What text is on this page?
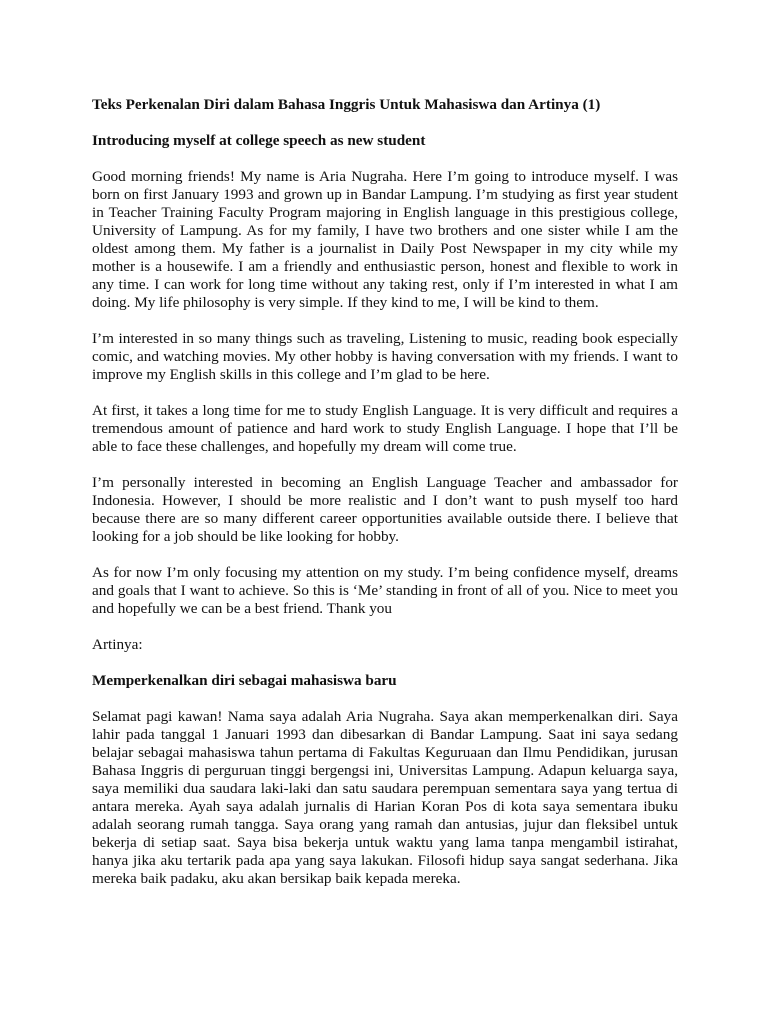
Teks Perkenalan Diri dalam Bahasa Inggris Untuk Mahasiswa dan Artinya (1)
Introducing myself at college speech as new student

Good morning friends! My name is Aria Nugraha. Here I’m going to introduce myself. I was born on first January 1993 and grown up in Bandar Lampung. I’m studying as first year student in Teacher Training Faculty Program majoring in English language in this prestigious college, University of Lampung. As for my family, I have two brothers and one sister while I am the oldest among them. My father is a journalist in Daily Post Newspaper in my city while my mother is a housewife. I am a friendly and enthusiastic person, honest and flexible to work in any time. I can work for long time without any taking rest, only if I’m interested in what I am doing. My life philosophy is very simple. If they kind to me, I will be kind to them.

I’m interested in so many things such as traveling, Listening to music, reading book especially comic, and watching movies. My other hobby is having conversation with my friends. I want to improve my English skills in this college and I’m glad to be here.

At first, it takes a long time for me to study English Language. It is very difficult and requires a tremendous amount of patience and hard work to study English Language. I hope that I’ll be able to face these challenges, and hopefully my dream will come true.

I’m personally interested in becoming an English Language Teacher and ambassador for Indonesia. However, I should be more realistic and I don’t want to push myself too hard because there are so many different career opportunities available outside there. I believe that looking for a job should be like looking for hobby.

As for now I’m only focusing my attention on my study. I’m being confidence myself, dreams and goals that I want to achieve. So this is ‘Me’ standing in front of all of you. Nice to meet you and hopefully we can be a best friend. Thank you

Artinya:

Memperkenalkan diri sebagai mahasiswa baru

Selamat pagi kawan! Nama saya adalah Aria Nugraha. Saya akan memperkenalkan diri. Saya lahir pada tanggal 1 Januari 1993 dan dibesarkan di Bandar Lampung. Saat ini saya sedang belajar sebagai mahasiswa tahun pertama di Fakultas Keguruaan dan Ilmu Pendidikan, jurusan Bahasa Inggris di perguruan tinggi bergengsi ini, Universitas Lampung. Adapun keluarga saya, saya memiliki dua saudara laki-laki dan satu saudara perempuan sementara saya yang tertua di antara mereka. Ayah saya adalah jurnalis di Harian Koran Pos di kota saya sementara ibuku adalah seorang rumah tangga. Saya orang yang ramah dan antusias, jujur dan fleksibel untuk bekerja di setiap saat. Saya bisa bekerja untuk waktu yang lama tanpa mengambil istirahat, hanya jika aku tertarik pada apa yang saya lakukan. Filosofi hidup saya sangat sederhana. Jika mereka baik padaku, aku akan bersikap baik kepada mereka.
